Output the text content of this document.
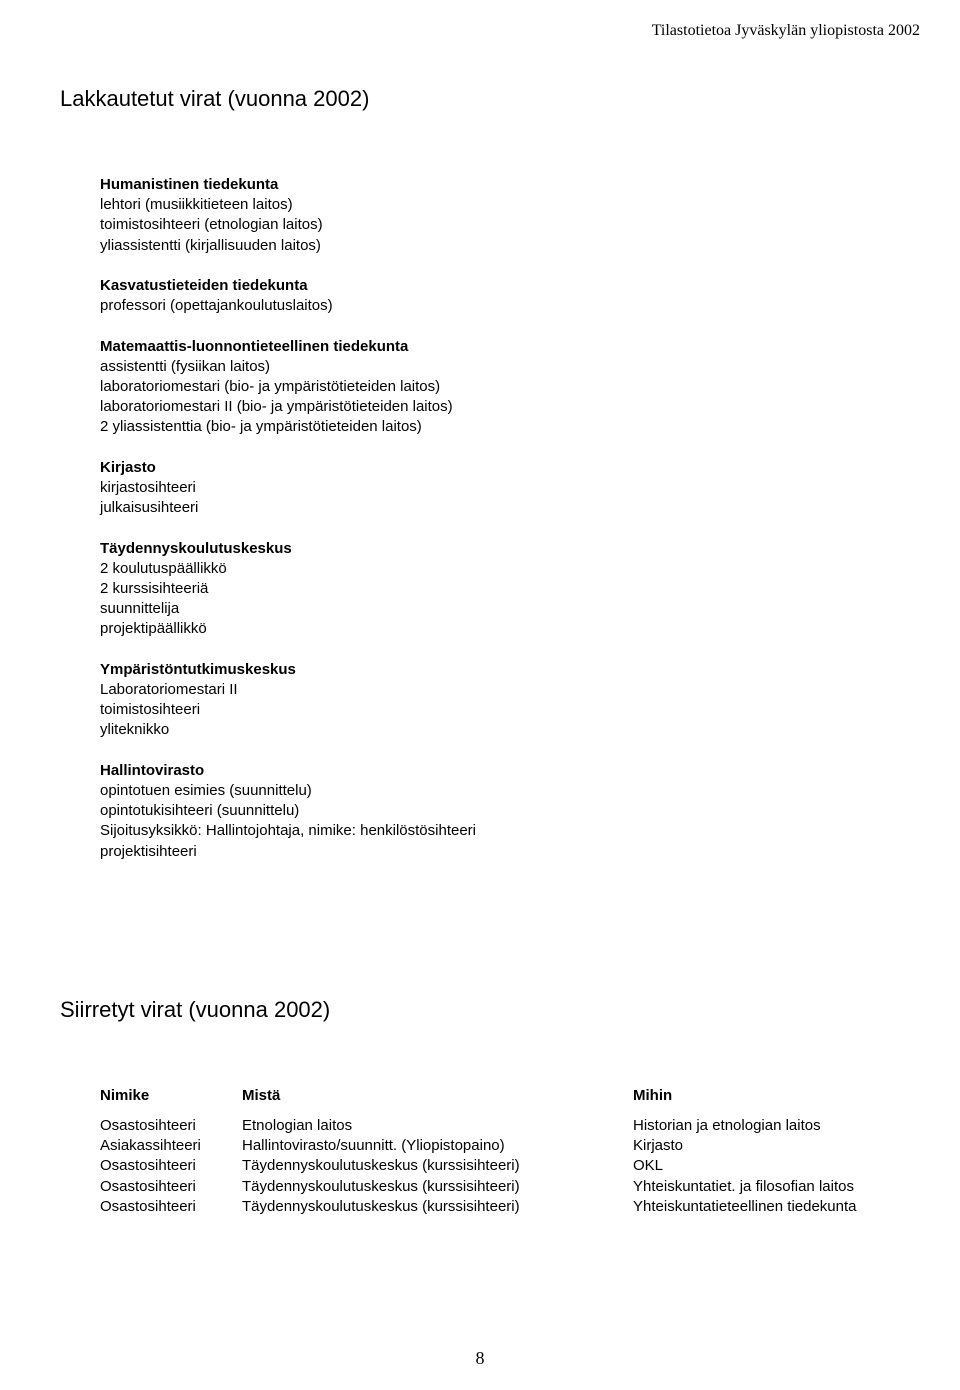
Tilastotietoa Jyväskylän yliopistosta 2002
Lakkautetut virat (vuonna 2002)
Humanistinen tiedekunta
lehtori (musiikkitieteen laitos)
toimistosihteeri (etnologian laitos)
yliassistentti (kirjallisuuden laitos)
Kasvatustieteiden tiedekunta
professori (opettajankoulutuslaitos)
Matemaattis-luonnontieteellinen tiedekunta
assistentti (fysiikan laitos)
laboratoriomestari (bio- ja ympäristötieteiden laitos)
laboratoriomestari II (bio- ja ympäristötieteiden laitos)
2 yliassistenttia (bio- ja ympäristötieteiden laitos)
Kirjasto
kirjastosihteeri
julkaisusihteeri
Täydennyskoulutuskeskus
2 koulutuspäällikkö
2 kurssisihteeriä
suunnittelija
projektipäällikkö
Ympäristöntutkimuskeskus
Laboratoriomestari II
toimistosihteeri
yliteknikko
Hallintovirasto
opintotuen esimies (suunnittelu)
opintotukisihteeri (suunnittelu)
Sijoitusyksikkö: Hallintojohtaja, nimike: henkilöstösihteeri
projektisihteeri
Siirretyt virat (vuonna 2002)
Nimike	Mistä	Mihin
Osastosihteeri	Etnologian laitos	Historian ja etnologian laitos
Asiakassihteeri	Hallintovirasto/suunnitt. (Yliopistopaino)	Kirjasto
Osastosihteeri	Täydennyskoulutuskeskus (kurssisihteeri)	OKL
Osastosihteeri	Täydennyskoulutuskeskus (kurssisihteeri)	Yhteiskuntatiet. ja filosofian laitos
Osastosihteeri	Täydennyskoulutuskeskus (kurssisihteeri)	Yhteiskuntatieteellinen tiedekunta
8
